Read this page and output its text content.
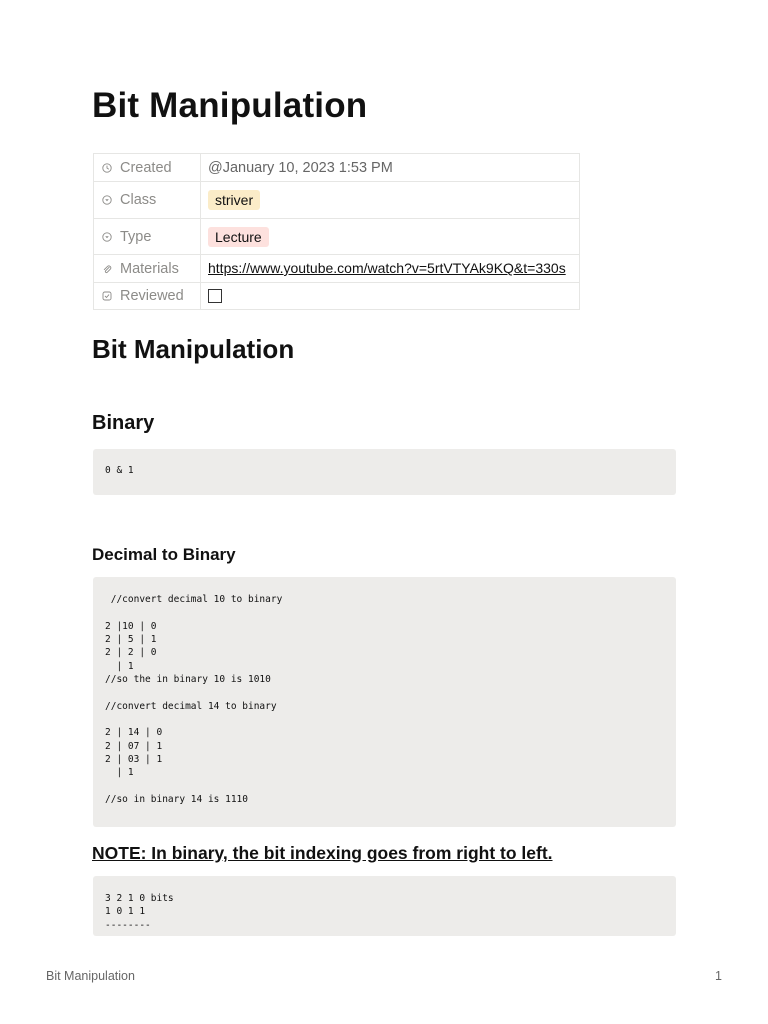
Bit Manipulation
Created	@January 10, 2023 1:53 PM

Class	striver

Type	Lecture

Materials	https://www.youtube.com/watch?v=5rtVTYAk9KQ&t=330s

Reviewed	
Bit Manipulation
Binary
0 & 1
Decimal to Binary
//convert decimal 10 to binary

2 |10 | 0
2 | 5 | 1
2 | 2 | 0
| 1
//so the in binary 10 is 1010

//convert decimal 14 to binary

2 | 14 | 0
2 | 07 | 1
2 | 03 | 1
| 1

//so in binary 14 is 1110

NOTE: In binary, the bit indexing goes from right to left.

3 2 1 0 bits
1 0 1 1
--------
Bit Manipulation	1
